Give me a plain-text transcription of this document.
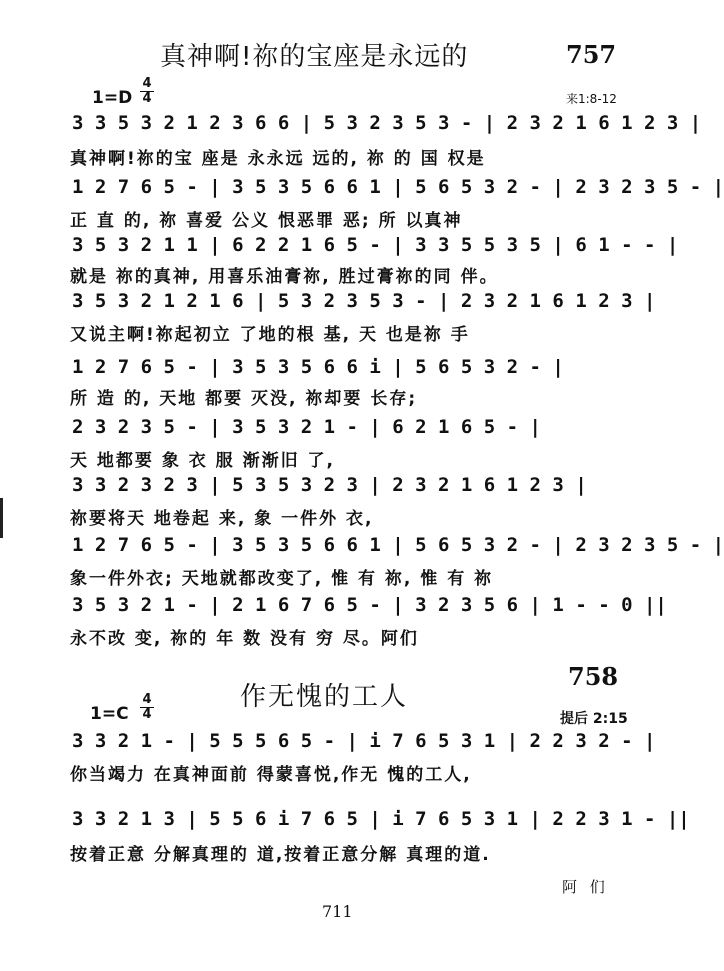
真神啊!祢的宝座是永远的	757
1=D
4
4	来1:8-12
3 3 5 3 2 1 2 3 6 6 | 5 3 2 3 5 3 - | 2 3 2 1 6 1 2 3 |
真神啊!祢的宝 座是 永永远 远的, 祢 的 国 权是
1 2 7 6 5 - | 3 5 3 5 6 6 1 | 5 6 5 3 2 - | 2 3 2 3 5 - |
正 直 的, 祢 喜爱 公义 恨恶罪 恶; 所 以真神
3 5 3 2 1 1 | 6 2 2 1 6 5 - | 3 3 5 5 3 5 | 6 1 - - |
就是 祢的真神, 用喜乐油膏祢, 胜过膏祢的同 伴。
3 5 3 2 1 2 1 6 | 5 3 2 3 5 3 - | 2 3 2 1 6 1 2 3 |
又说主啊!祢起初立 了地的根 基, 天 也是祢 手
1 2 7 6 5 - | 3 5 3 5 6 6 i | 5 6 5 3 2 - |
所 造 的, 天地 都要 灭没, 祢却要 长存;
2 3 2 3 5 - | 3 5 3 2 1 - | 6 2 1 6 5 - |
天 地都要 象 衣 服 渐渐旧 了,
3 3 2 3 2 3 | 5 3 5 3 2 3 | 2 3 2 1 6 1 2 3 |
祢要将天 地卷起 来, 象 一件外 衣,
1 2 7 6 5 - | 3 5 3 5 6 6 1 | 5 6 5 3 2 - | 2 3 2 3 5 - |
象一件外衣; 天地就都改变了, 惟 有 祢, 惟 有 祢
3 5 3 2 1 - | 2 1 6 7 6 5 - | 3 2 3 5 6 | 1 - - 0 ||
永不改 变, 祢的 年 数 没有 穷 尽。阿们
作无愧的工人
758
1=C
4
4	提后 2:15
3 3 2 1 - | 5 5 5 6 5 - | i 7 6 5 3 1 | 2 2 3 2 - |
你当竭力 在真神面前 得蒙喜悦,作无 愧的工人,
3 3 2 1 3 | 5 5 6 i 7 6 5 | i 7 6 5 3 1 | 2 2 3 1 - ||
按着正意 分解真理的 道,按着正意分解 真理的道.
阿 们
711
